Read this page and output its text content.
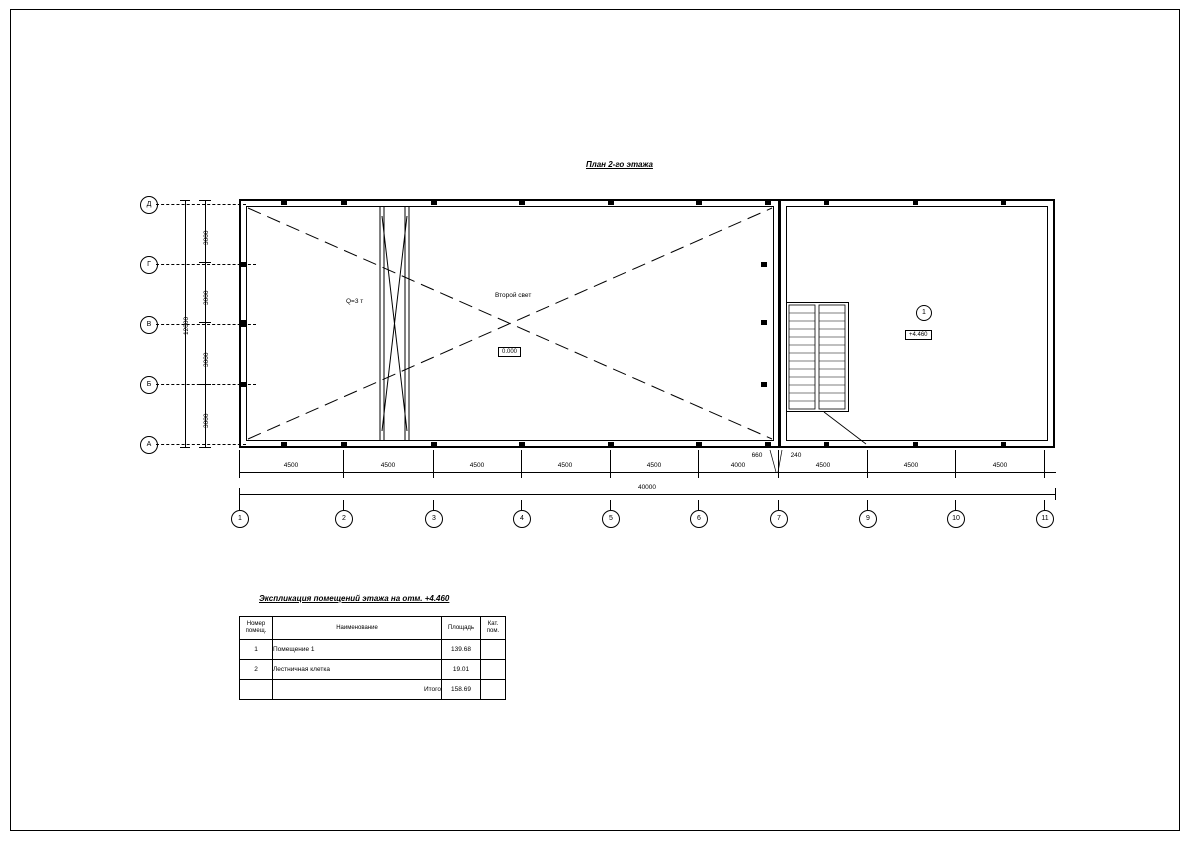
План 2-го этажа
Д
Г
В
Б
А
3000
3000
3000
3000
12000
Q=3 т
Второй свет
0.000
1
+4.460
4500	4500	4500	4500	4500	4000	4500	4500	4500
660	240
40000
1	2	3	4	5	6	7	9	10	11
Экспликация помещений этажа на отм. +4.460
Номер помещ.	Наименование	Площадь	Кат. пом.
1	Помещение 1	139.68	
2	Лестничная клетка	19.01	
	Итого	158.69	
